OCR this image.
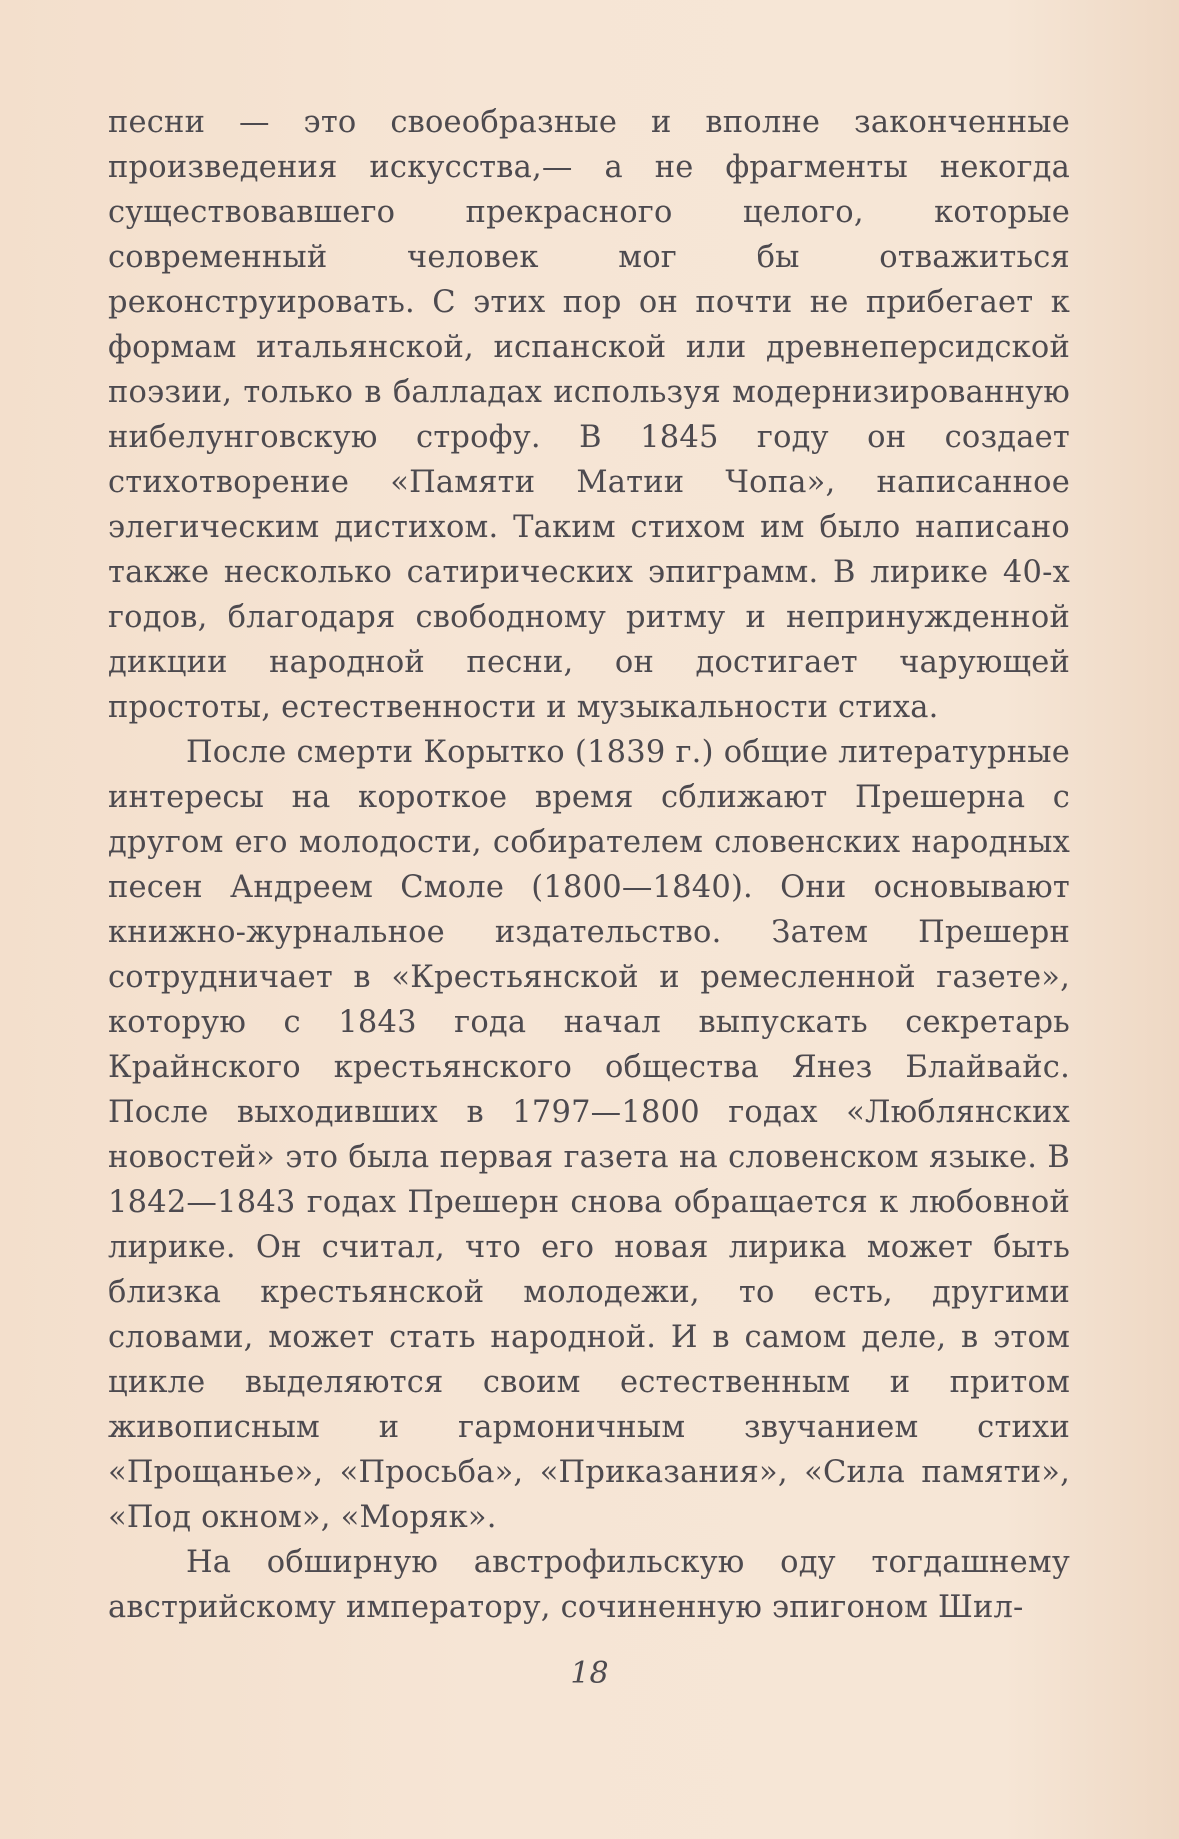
песни — это своеобразные и вполне законченные произведения искусства,— а не фрагменты некогда существовавшего прекрасного целого, которые современный человек мог бы отважиться реконструировать. С этих пор он почти не прибегает к формам итальянской, испанской или древнеперсидской поэзии, только в балладах используя модернизированную нибелунговскую строфу. В 1845 году он создает стихотворение «Памяти Матии Чопа», написанное элегическим дистихом. Таким стихом им было написано также несколько сатирических эпиграмм. В лирике 40-х годов, благодаря свободному ритму и непринужденной дикции народной песни, он достигает чарующей простоты, естественности и музыкальности стиха.

После смерти Корытко (1839 г.) общие литературные интересы на короткое время сближают Прешерна с другом его молодости, собирателем словенских народных песен Андреем Смоле (1800—1840). Они основывают книжно-журнальное издательство. Затем Прешерн сотрудничает в «Крестьянской и ремесленной газете», которую с 1843 года начал выпускать секретарь Крайнского крестьянского общества Янез Блайвайс. После выходивших в 1797—1800 годах «Люблянских новостей» это была первая газета на словенском языке. В 1842—1843 годах Прешерн снова обращается к любовной лирике. Он считал, что его новая лирика может быть близка крестьянской молодежи, то есть, другими словами, может стать народной. И в самом деле, в этом цикле выделяются своим естественным и притом живописным и гармоничным звучанием стихи «Прощанье», «Просьба», «Приказания», «Сила памяти», «Под окном», «Моряк».

На обширную австрофильскую оду тогдашнему австрийскому императору, сочиненную эпигоном Шил-

18
